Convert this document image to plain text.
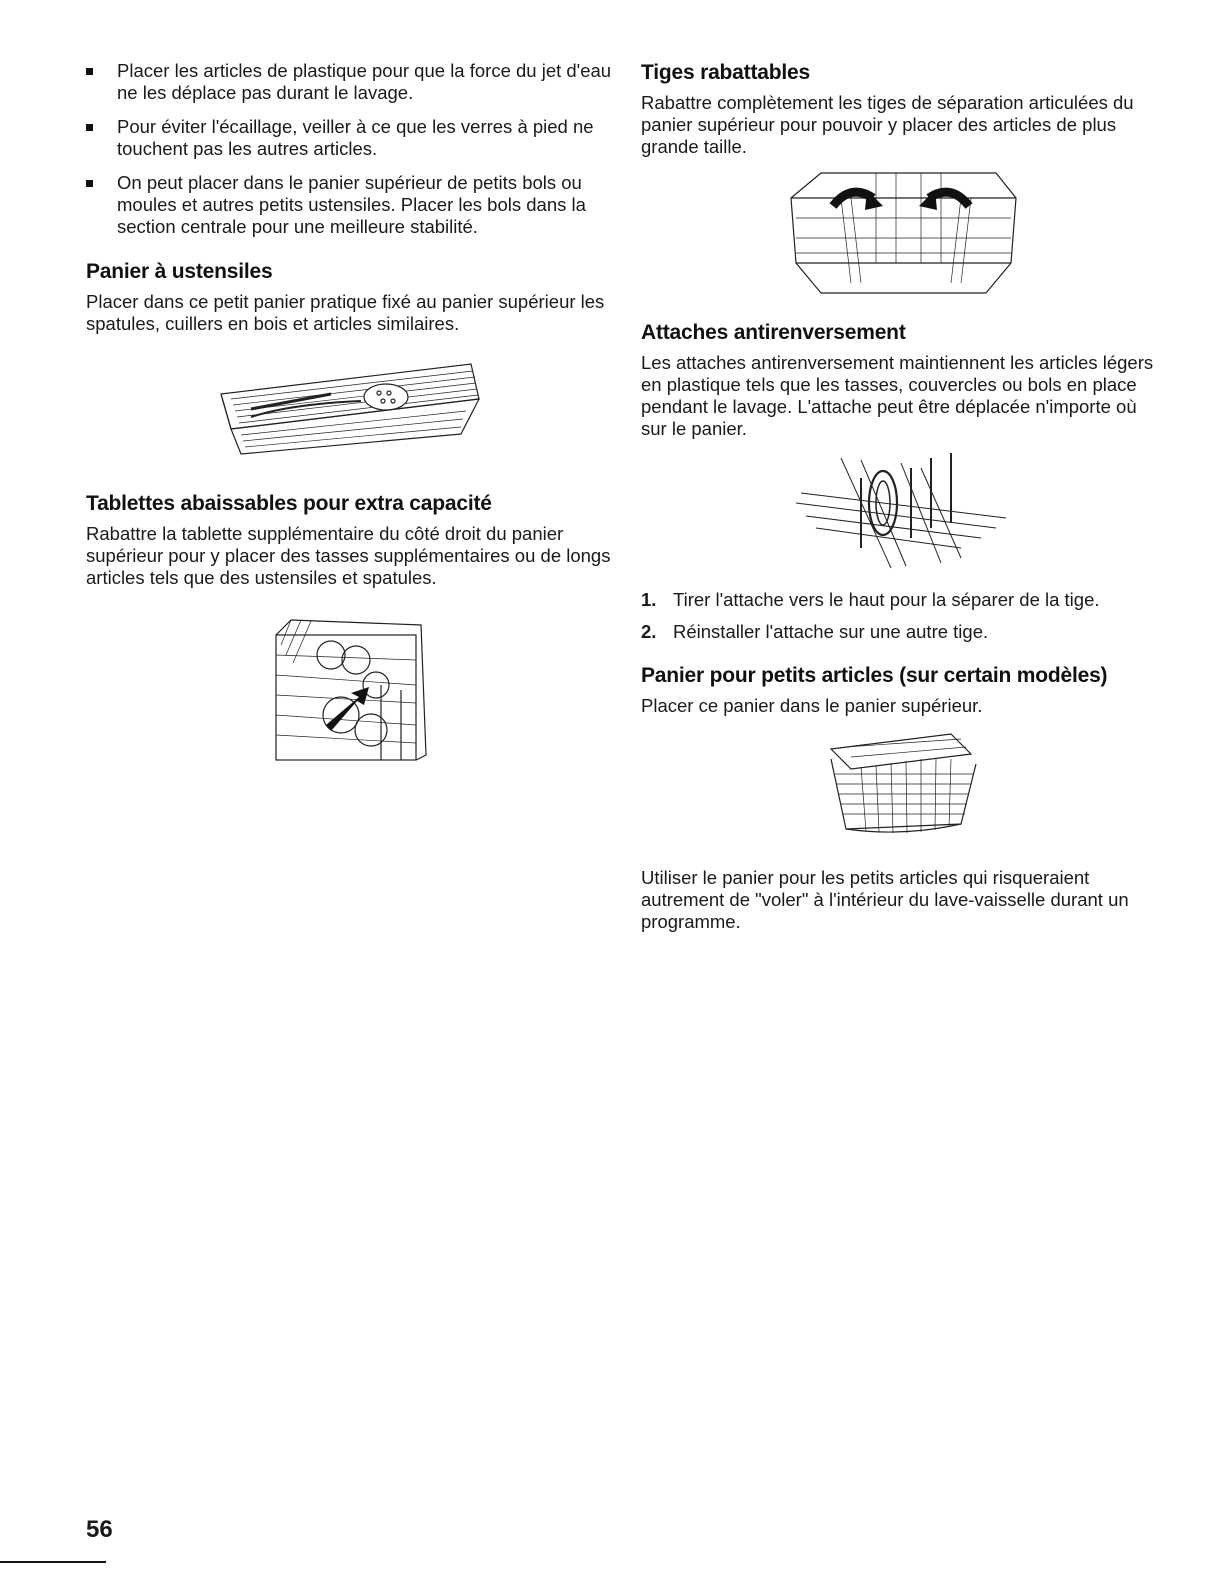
Placer les articles de plastique pour que la force du jet d'eau ne les déplace pas durant le lavage.
Pour éviter l'écaillage, veiller à ce que les verres à pied ne touchent pas les autres articles.
On peut placer dans le panier supérieur de petits bols ou moules et autres petits ustensiles. Placer les bols dans la section centrale pour une meilleure stabilité.
Panier à ustensiles

Placer dans ce petit panier pratique fixé au panier supérieur les spatules, cuillers en bois et articles similaires.

Tablettes abaissables pour extra capacité

Rabattre la tablette supplémentaire du côté droit du panier supérieur pour y placer des tasses supplémentaires ou de longs articles tels que des ustensiles et spatules.

Tiges rabattables

Rabattre complètement les tiges de séparation articulées du panier supérieur pour pouvoir y placer des articles de plus grande taille.

Attaches antirenversement

Les attaches antirenversement maintiennent les articles légers en plastique tels que les tasses, couvercles ou bols en place pendant le lavage. L'attache peut être déplacée n'importe où sur le panier.

1. Tirer l'attache vers le haut pour la séparer de la tige.
2. Réinstaller l'attache sur une autre tige.
Panier pour petits articles (sur certain modèles)

Placer ce panier dans le panier supérieur.

Utiliser le panier pour les petits articles qui risqueraient autrement de "voler" à l'intérieur du lave-vaisselle durant un programme.

56
